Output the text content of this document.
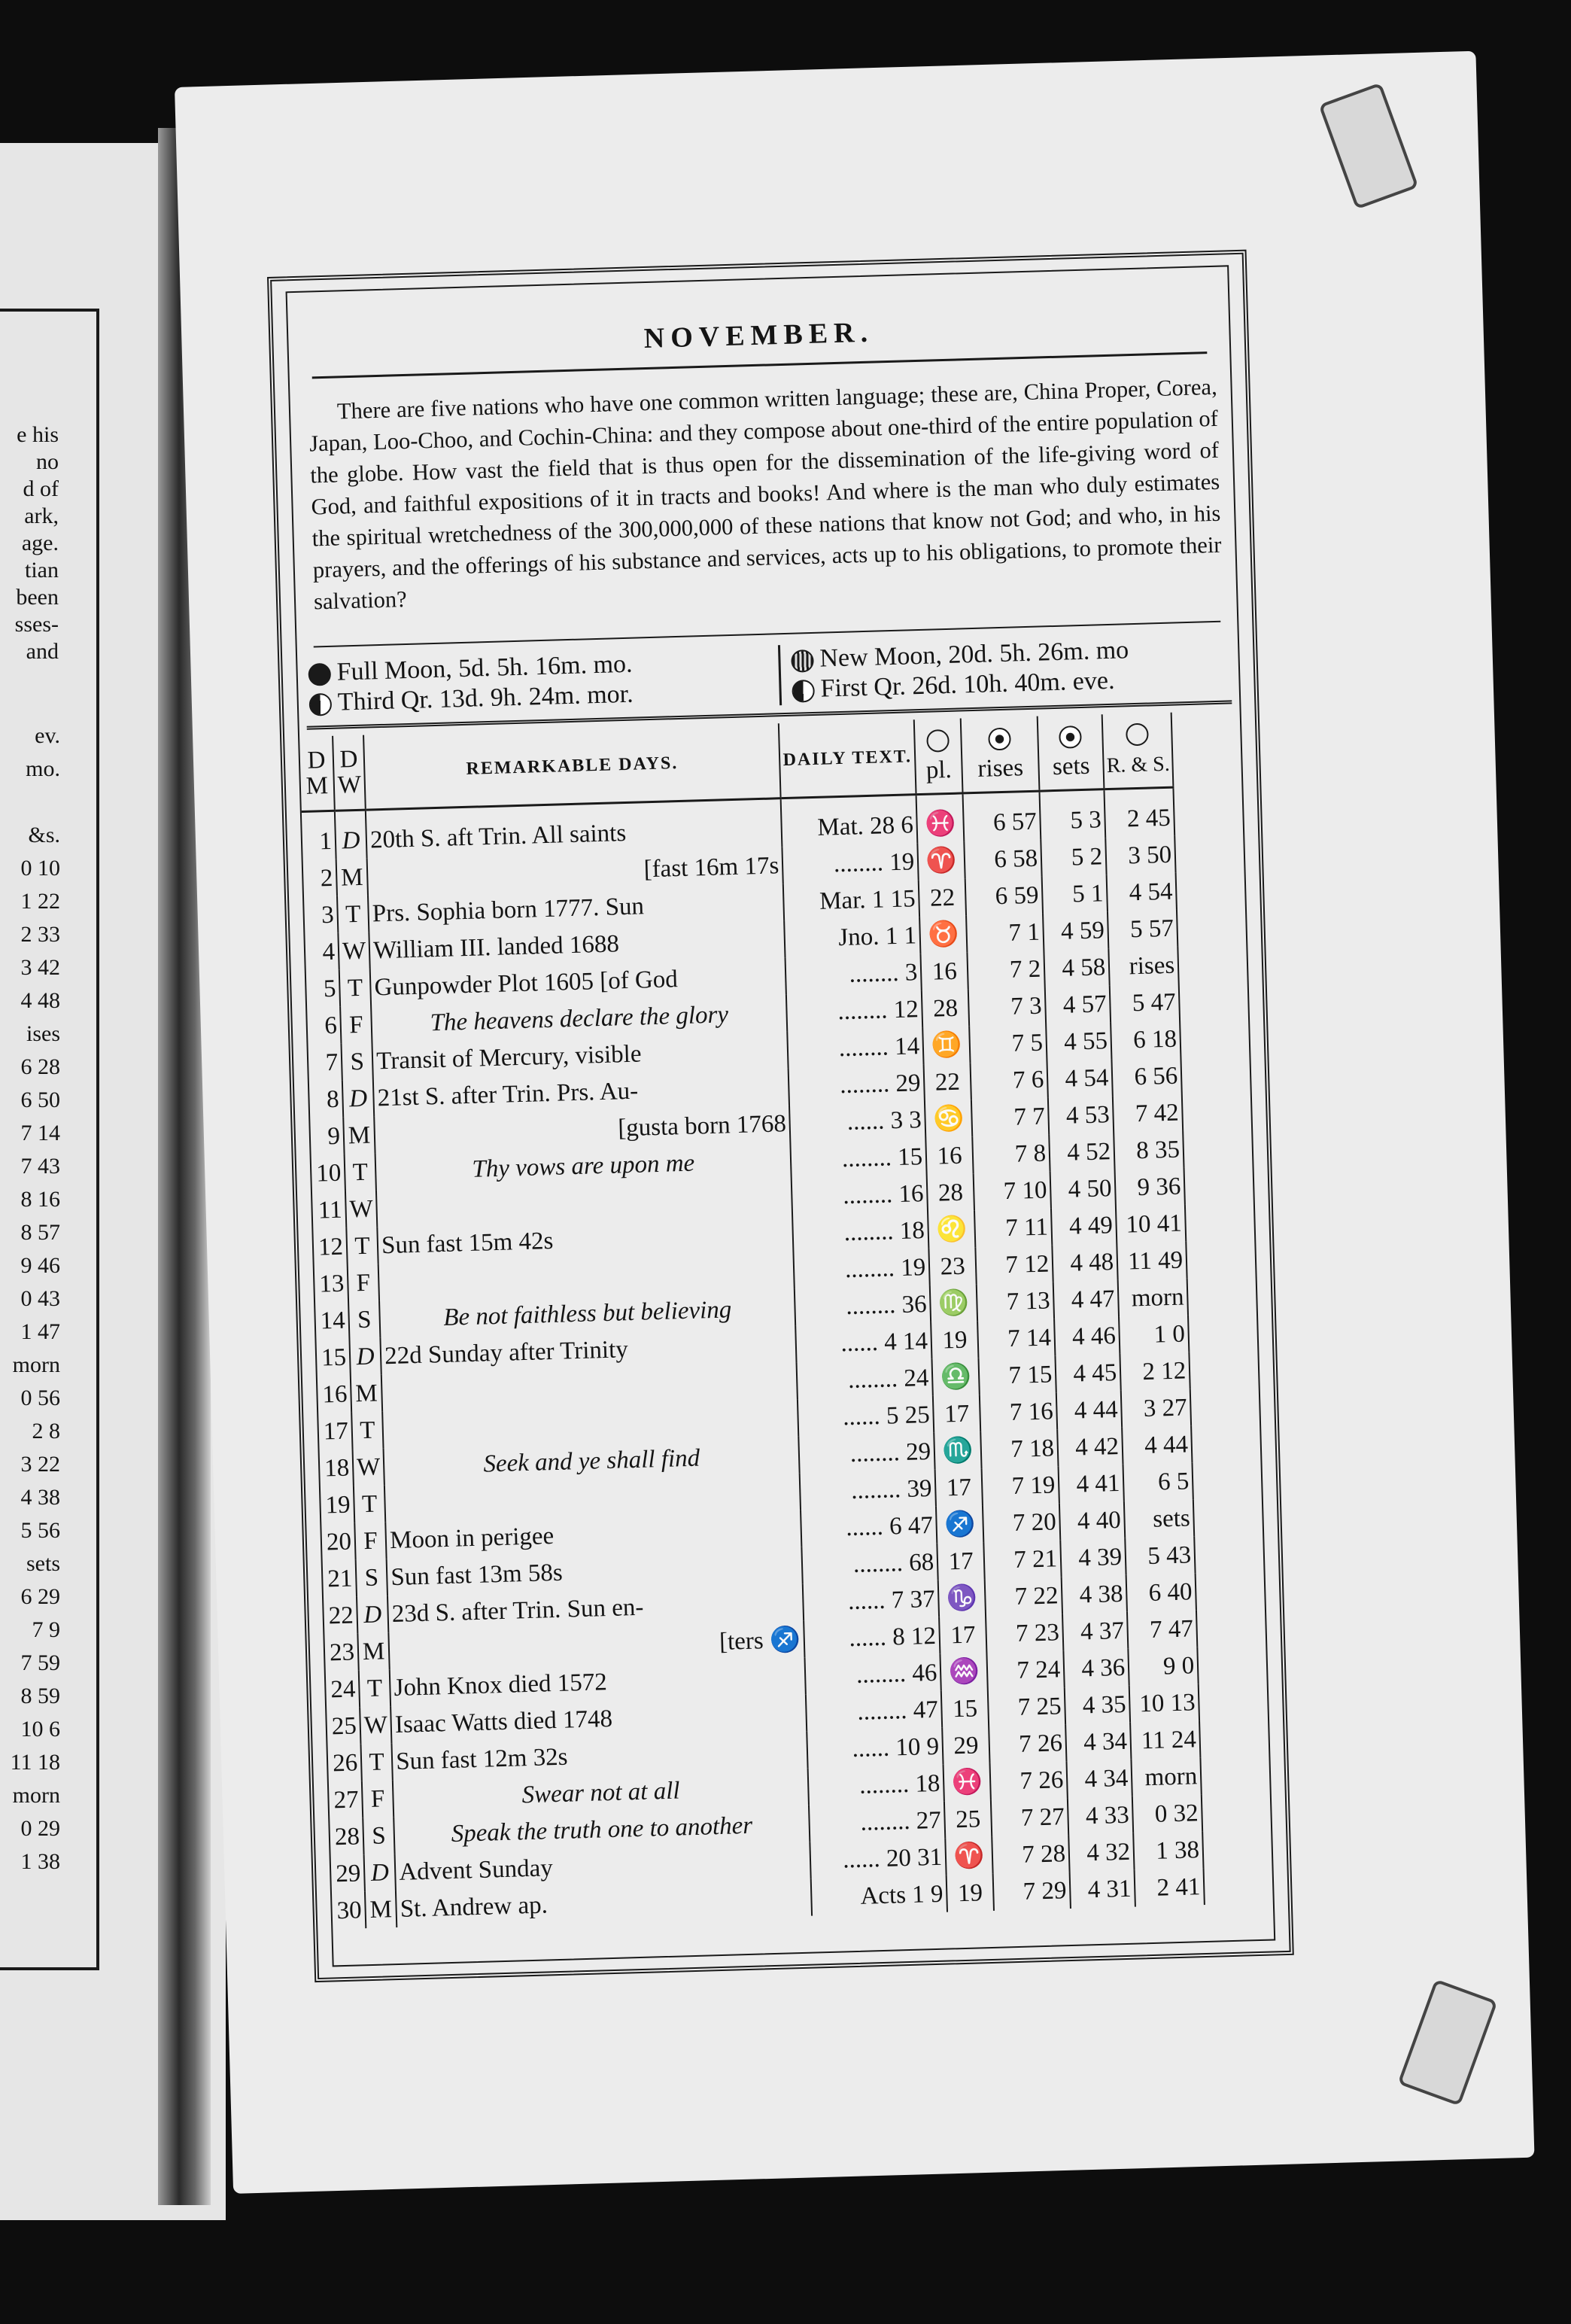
e his
no
d of
ark,
age.
tian
been
sses-
and
ev.
mo.
&s.
0 10
1 22
2 33
3 42
4 48
ises
6 28
6 50
7 14
7 43
8 16
8 57
9 46
0 43
1 47
morn
0 56
2 8
3 22
4 38
5 56
sets
6 29
7 9
7 59
8 59
10 6
11 18
morn
0 29
1 38
NOVEMBER.
There are five nations who have one common written language; these are, China Proper, Corea, Japan, Loo-Choo, and Cochin-China: and they compose about one-third of the entire population of the globe. How vast the field that is thus open for the dissemination of the life-giving word of God, and faithful expositions of it in tracts and books! And where is the man who duly estimates the spiritual wretchedness of the 300,000,000 of these nations that know not God; and who, in his prayers, and the offerings of his substance and services, acts up to his obligations, to promote their salvation?
Full Moon, 5d. 5h. 16m. mo.
Third Qr. 13d. 9h. 24m. mor.
New Moon, 20d. 5h. 26m. mo
First Qr. 26d. 10h. 40m. eve.
D
M	D
W	REMARKABLE DAYS.	DAILY TEXT.	pl.	rises	sets	R. & S.
1	D	20th S. aft Trin. All saints	Mat. 28 6	♓	6 57	5 3	2 45
2	M	[fast 16m 17s	........ 19	♈	6 58	5 2	3 50
3	T	Prs. Sophia born 1777. Sun	Mar. 1 15	22	6 59	5 1	4 54
4	W	William III. landed 1688	Jno. 1 1	♉	7 1	4 59	5 57
5	T	Gunpowder Plot 1605 [of God	........ 3	16	7 2	4 58	rises
6	F	The heavens declare the glory	........ 12	28	7 3	4 57	5 47
7	S	Transit of Mercury, visible	........ 14	♊	7 5	4 55	6 18
8	D	21st S. after Trin. Prs. Au-	........ 29	22	7 6	4 54	6 56
9	M	[gusta born 1768	...... 3 3	♋	7 7	4 53	7 42
10	T	Thy vows are upon me	........ 15	16	7 8	4 52	8 35
11	W		........ 16	28	7 10	4 50	9 36
12	T	Sun fast 15m 42s	........ 18	♌	7 11	4 49	10 41
13	F		........ 19	23	7 12	4 48	11 49
14	S	Be not faithless but believing	........ 36	♍	7 13	4 47	morn
15	D	22d Sunday after Trinity	...... 4 14	19	7 14	4 46	1 0
16	M		........ 24	♎	7 15	4 45	2 12
17	T		...... 5 25	17	7 16	4 44	3 27
18	W	Seek and ye shall find	........ 29	♏	7 18	4 42	4 44
19	T		........ 39	17	7 19	4 41	6 5
20	F	Moon in perigee	...... 6 47	♐	7 20	4 40	sets
21	S	Sun fast 13m 58s	........ 68	17	7 21	4 39	5 43
22	D	23d S. after Trin. Sun en-	...... 7 37	♑	7 22	4 38	6 40
23	M	[ters ♐	...... 8 12	17	7 23	4 37	7 47
24	T	John Knox died 1572	........ 46	♒	7 24	4 36	9 0
25	W	Isaac Watts died 1748	........ 47	15	7 25	4 35	10 13
26	T	Sun fast 12m 32s	...... 10 9	29	7 26	4 34	11 24
27	F	Swear not at all	........ 18	♓	7 26	4 34	morn
28	S	Speak the truth one to another	........ 27	25	7 27	4 33	0 32
29	D	Advent Sunday	...... 20 31	♈	7 28	4 32	1 38
30	M	St. Andrew ap.	Acts 1 9	19	7 29	4 31	2 41
